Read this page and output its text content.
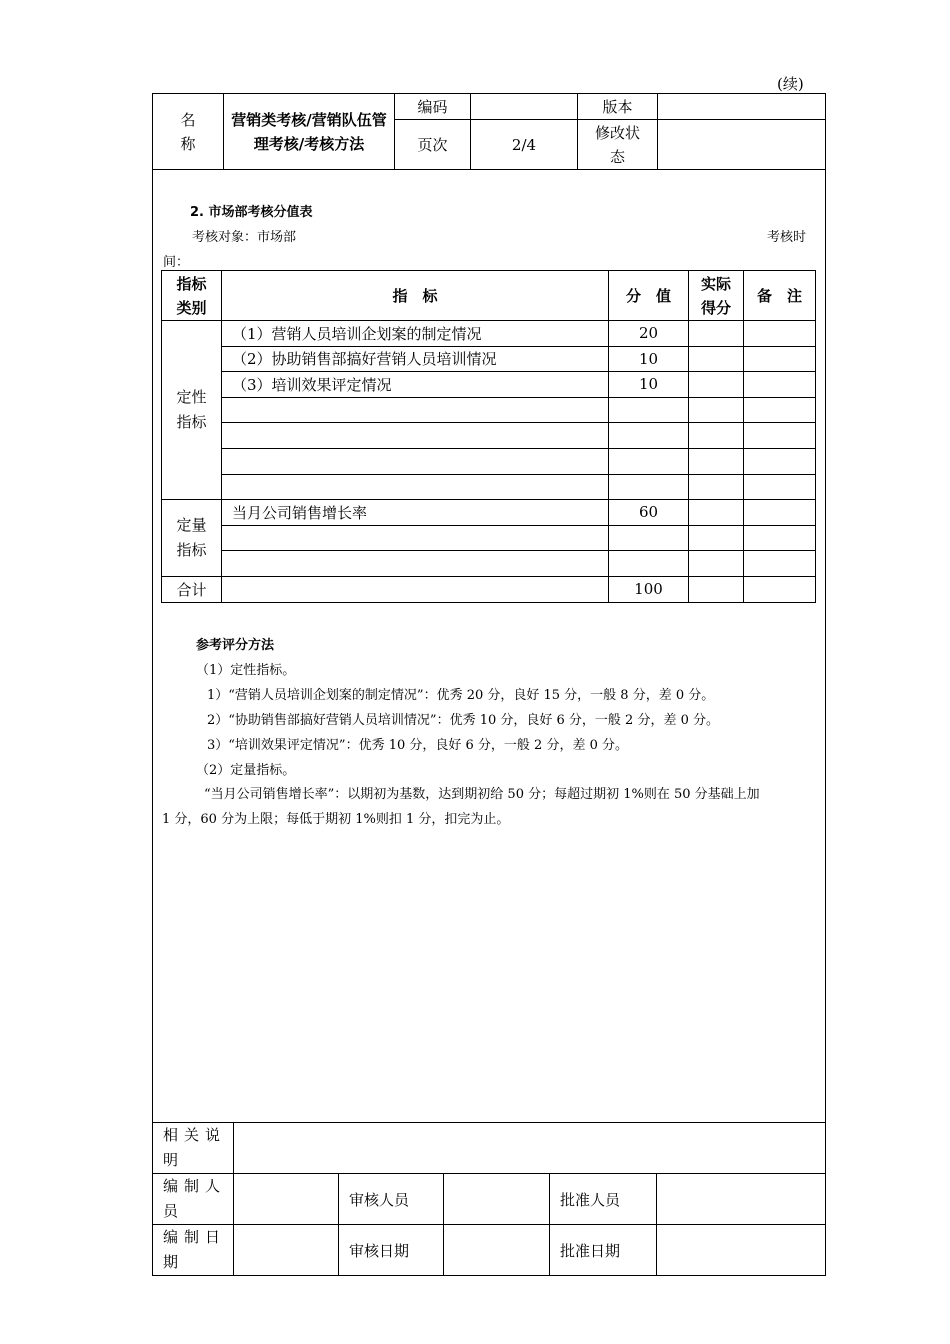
(续)
名称	营销类考核/营销队伍管理考核/考核方法	编码		版本	
		页次	2/4	修改状态	

2. 市场部考核分值表
考核对象：市场部	考核时
间：
指标类别	指　标	分　值	实际得分	备　注

定性指标	（1）营销人员培训企划案的制定情况	20		
	（2）协助销售部搞好营销人员培训情况	10		
	（3）培训效果评定情况	10		

定量指标	当月公司销售增长率	60		

合计		100		
参考评分方法
（1）定性指标。
1）“营销人员培训企划案的制定情况”：优秀 20 分，良好 15 分，一般 8 分，差 0 分。
2）“协助销售部搞好营销人员培训情况”：优秀 10 分，良好 6 分，一般 2 分，差 0 分。
3）“培训效果评定情况”：优秀 10 分，良好 6 分，一般 2 分，差 0 分。
（2）定量指标。
“当月公司销售增长率”：以期初为基数，达到期初给 50 分；每超过期初 1%则在 50 分基础上加
1 分，60 分为上限；每低于期初 1%则扣 1 分，扣完为止。
相关说明					

编制人员		审核人员		批准人员	

编制日期		审核日期		批准日期	
